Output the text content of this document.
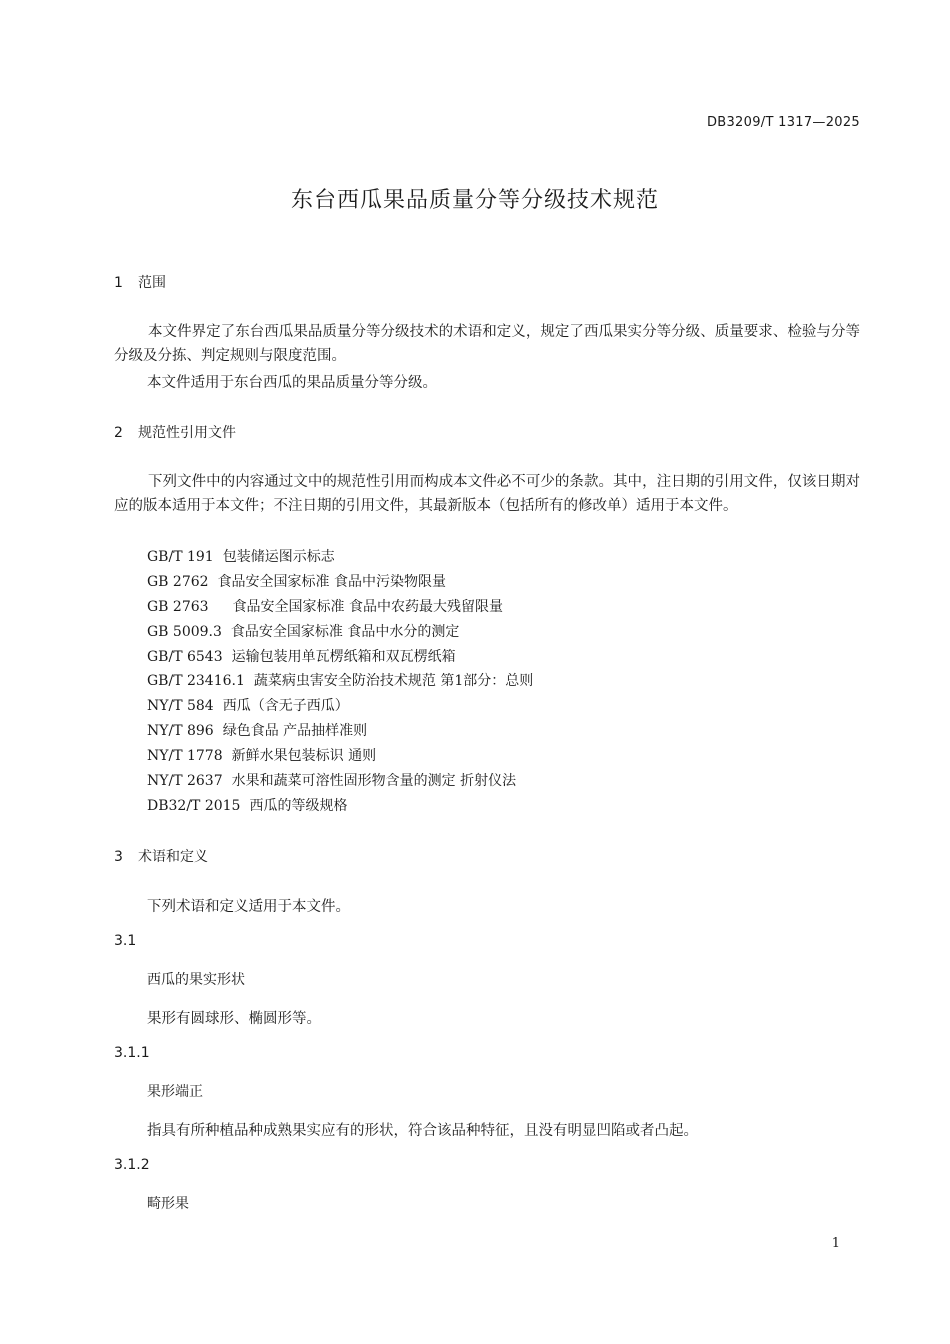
DB3209/T 1317—2025
东台西瓜果品质量分等分级技术规范
1 范围
本文件界定了东台西瓜果品质量分等分级技术的术语和定义，规定了西瓜果实分等分级、质量要求、检验与分等分级及分拣、判定规则与限度范围。
本文件适用于东台西瓜的果品质量分等分级。
2 规范性引用文件
下列文件中的内容通过文中的规范性引用而构成本文件必不可少的条款。其中，注日期的引用文件，仅该日期对应的版本适用于本文件；不注日期的引用文件，其最新版本（包括所有的修改单）适用于本文件。
GB/T 191 包装储运图示标志
GB 2762 食品安全国家标准 食品中污染物限量
GB 2763 食品安全国家标准 食品中农药最大残留限量
GB 5009.3 食品安全国家标准 食品中水分的测定
GB/T 6543 运输包装用单瓦楞纸箱和双瓦楞纸箱
GB/T 23416.1 蔬菜病虫害安全防治技术规范 第1部分：总则
NY/T 584 西瓜（含无子西瓜）
NY/T 896 绿色食品 产品抽样准则
NY/T 1778 新鲜水果包装标识 通则
NY/T 2637 水果和蔬菜可溶性固形物含量的测定 折射仪法
DB32/T 2015 西瓜的等级规格
3 术语和定义
下列术语和定义适用于本文件。
3.1
西瓜的果实形状
果形有圆球形、椭圆形等。
3.1.1
果形端正
指具有所种植品种成熟果实应有的形状，符合该品种特征，且没有明显凹陷或者凸起。
3.1.2
畸形果
1
